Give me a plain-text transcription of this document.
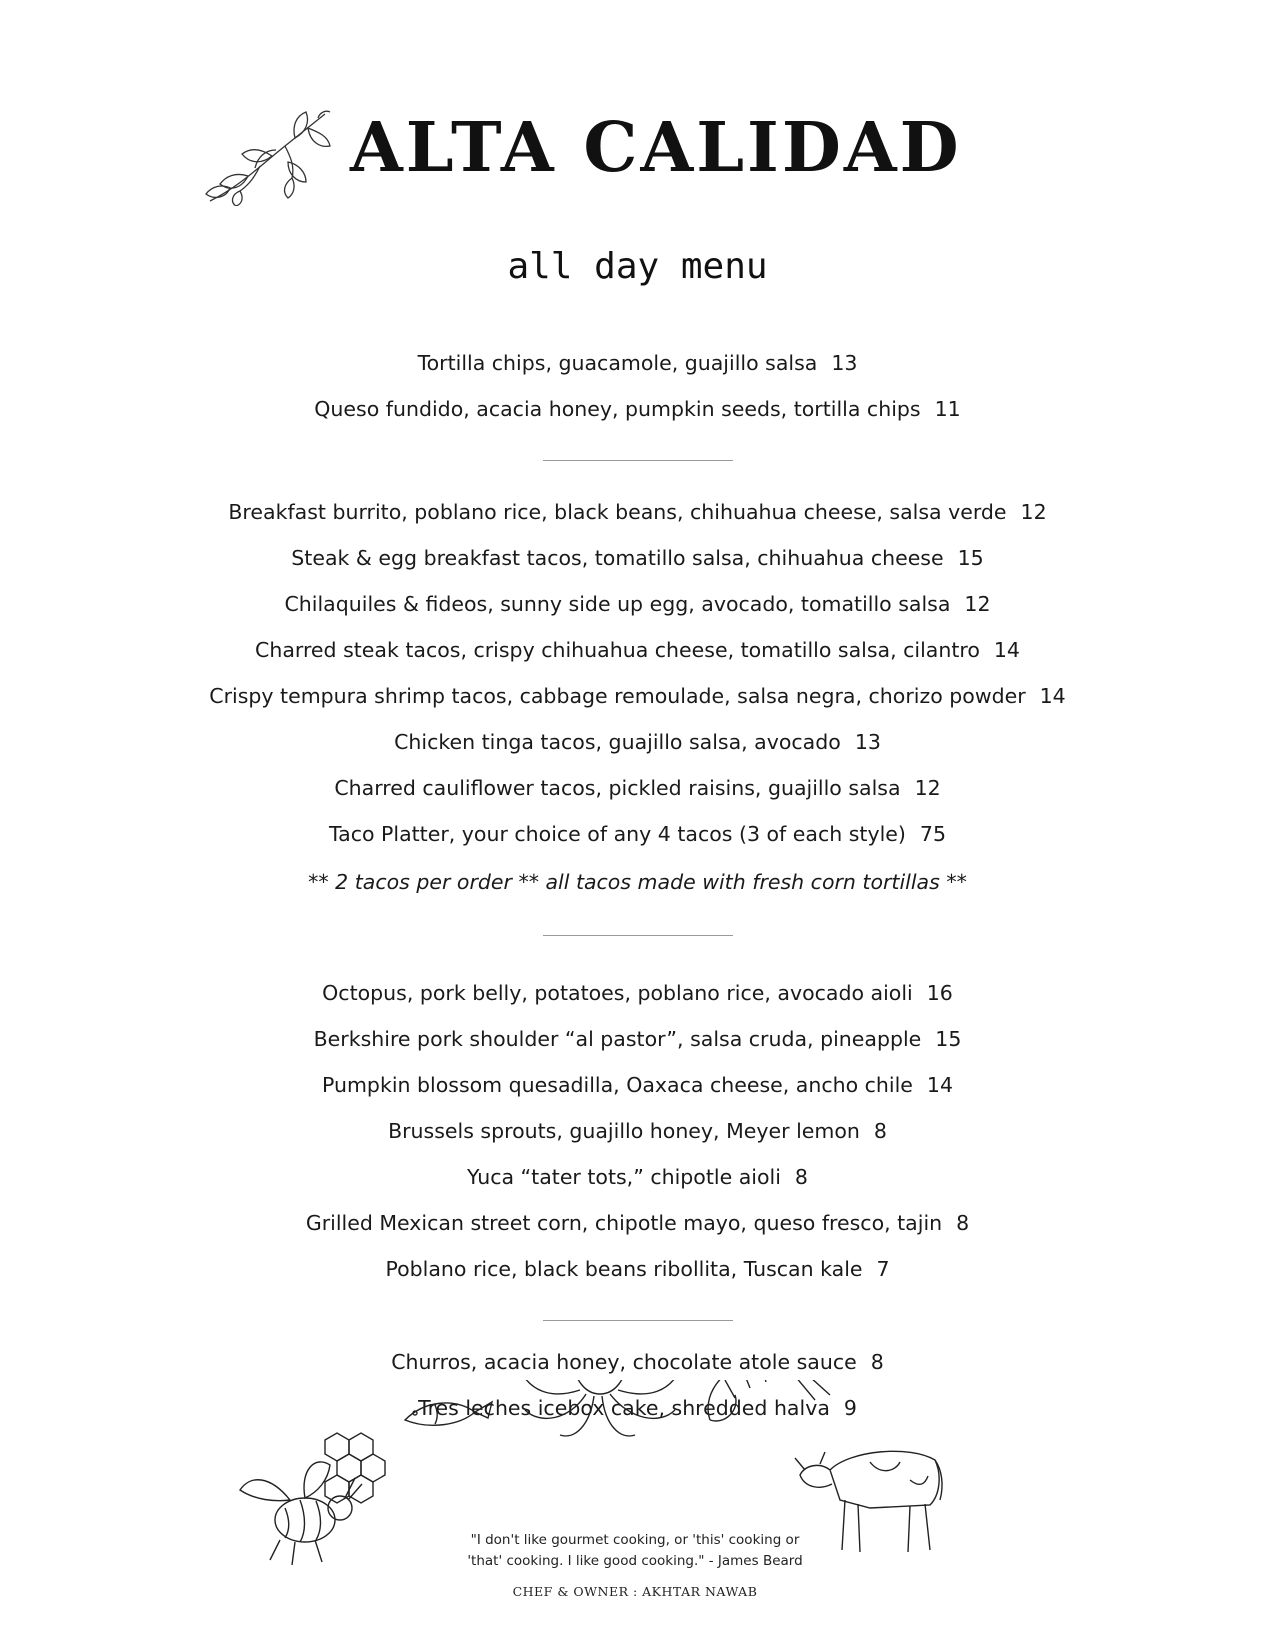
ALTA CALIDAD
all day menu
Tortilla chips, guacamole, guajillo salsa 13
Queso fundido, acacia honey, pumpkin seeds, tortilla chips 11
Breakfast burrito, poblano rice, black beans, chihuahua cheese, salsa verde 12
Steak & egg breakfast tacos, tomatillo salsa, chihuahua cheese 15
Chilaquiles & fideos, sunny side up egg, avocado, tomatillo salsa 12
Charred steak tacos, crispy chihuahua cheese, tomatillo salsa, cilantro 14
Crispy tempura shrimp tacos, cabbage remoulade, salsa negra, chorizo powder 14
Chicken tinga tacos, guajillo salsa, avocado 13
Charred cauliflower tacos, pickled raisins, guajillo salsa 12
Taco Platter, your choice of any 4 tacos (3 of each style) 75
** 2 tacos per order ** all tacos made with fresh corn tortillas **
Octopus, pork belly, potatoes, poblano rice, avocado aioli 16
Berkshire pork shoulder “al pastor”, salsa cruda, pineapple 15
Pumpkin blossom quesadilla, Oaxaca cheese, ancho chile 14
Brussels sprouts, guajillo honey, Meyer lemon 8
Yuca “tater tots,” chipotle aioli 8
Grilled Mexican street corn, chipotle mayo, queso fresco, tajin 8
Poblano rice, black beans ribollita, Tuscan kale 7
Churros, acacia honey, chocolate atole sauce 8
Tres leches icebox cake, shredded halva 9
"I don't like gourmet cooking, or 'this' cooking or
'that' cooking. I like good cooking." - James Beard
CHEF & OWNER : AKHTAR NAWAB
